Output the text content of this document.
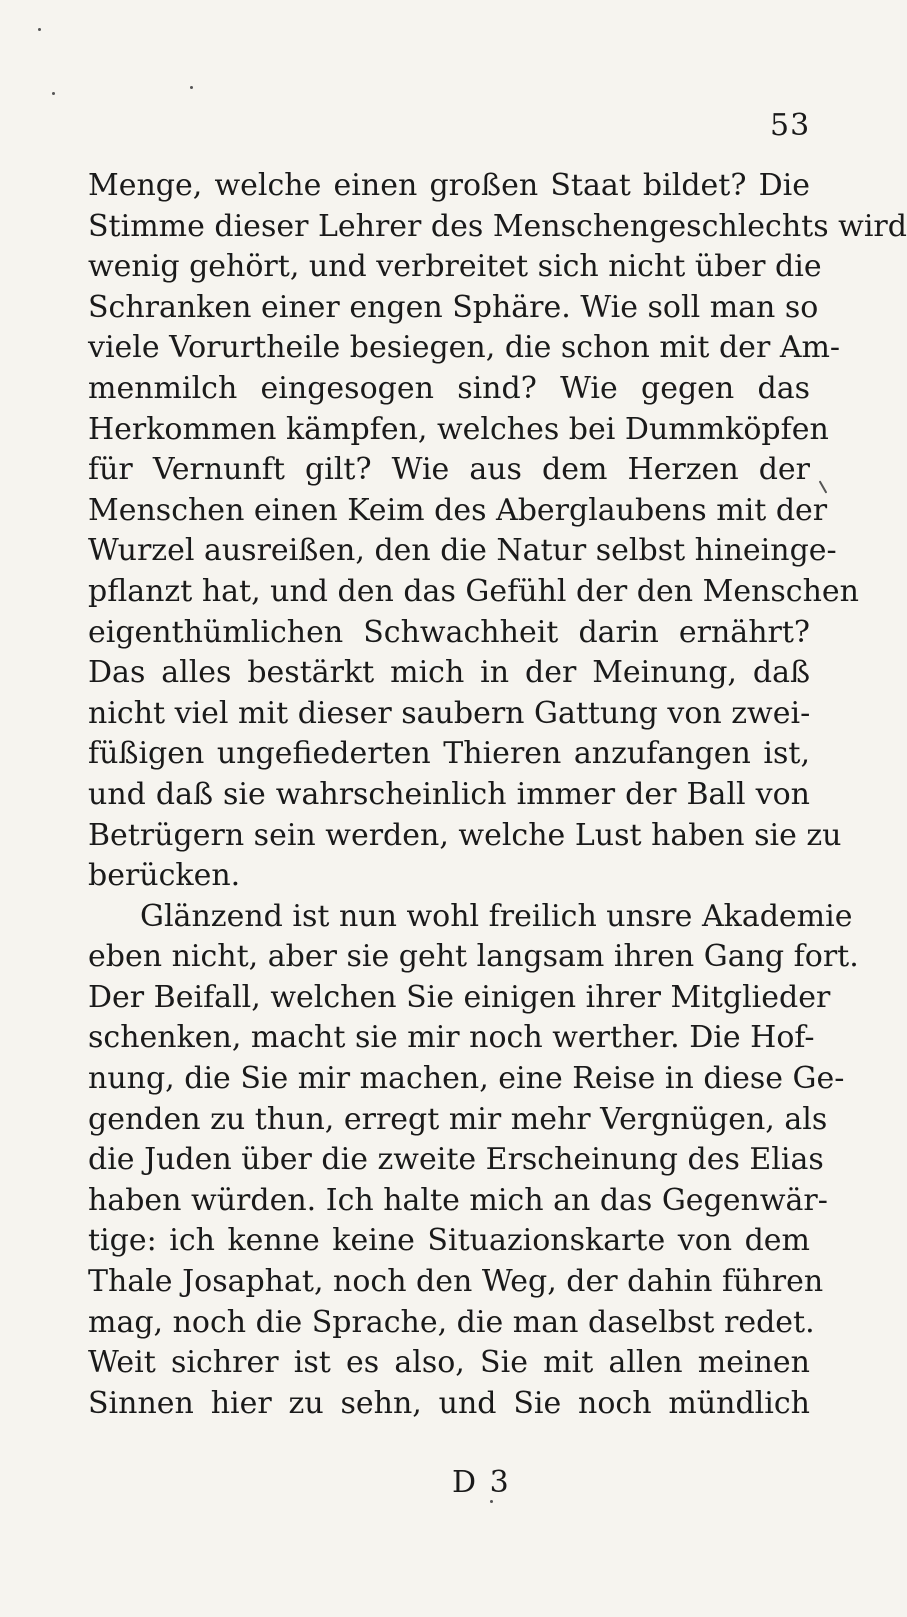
53
Menge, welche einen großen Staat bildet? Die
Stimme dieser Lehrer des Menschengeschlechts wird
wenig gehört, und verbreitet sich nicht über die
Schranken einer engen Sphäre. Wie soll man so
viele Vorurtheile besiegen, die schon mit der Am-
menmilch eingesogen sind? Wie gegen das
Herkommen kämpfen, welches bei Dummköpfen
für Vernunft gilt? Wie aus dem Herzen der
Menschen einen Keim des Aberglaubens mit der
Wurzel ausreißen, den die Natur selbst hineinge-
pflanzt hat, und den das Gefühl der den Menschen
eigenthümlichen Schwachheit darin ernährt?
Das alles bestärkt mich in der Meinung, daß
nicht viel mit dieser saubern Gattung von zwei-
füßigen ungefiederten Thieren anzufangen ist,
und daß sie wahrscheinlich immer der Ball von
Betrügern sein werden, welche Lust haben sie zu
berücken.
Glänzend ist nun wohl freilich unsre Akademie
eben nicht, aber sie geht langsam ihren Gang fort.
Der Beifall, welchen Sie einigen ihrer Mitglieder
schenken, macht sie mir noch werther. Die Hof-
nung, die Sie mir machen, eine Reise in diese Ge-
genden zu thun, erregt mir mehr Vergnügen, als
die Juden über die zweite Erscheinung des Elias
haben würden. Ich halte mich an das Gegenwär-
tige: ich kenne keine Situazionskarte von dem
Thale Josaphat, noch den Weg, der dahin führen
mag, noch die Sprache, die man daselbst redet.
Weit sichrer ist es also, Sie mit allen meinen
Sinnen hier zu sehn, und Sie noch mündlich
D 3
